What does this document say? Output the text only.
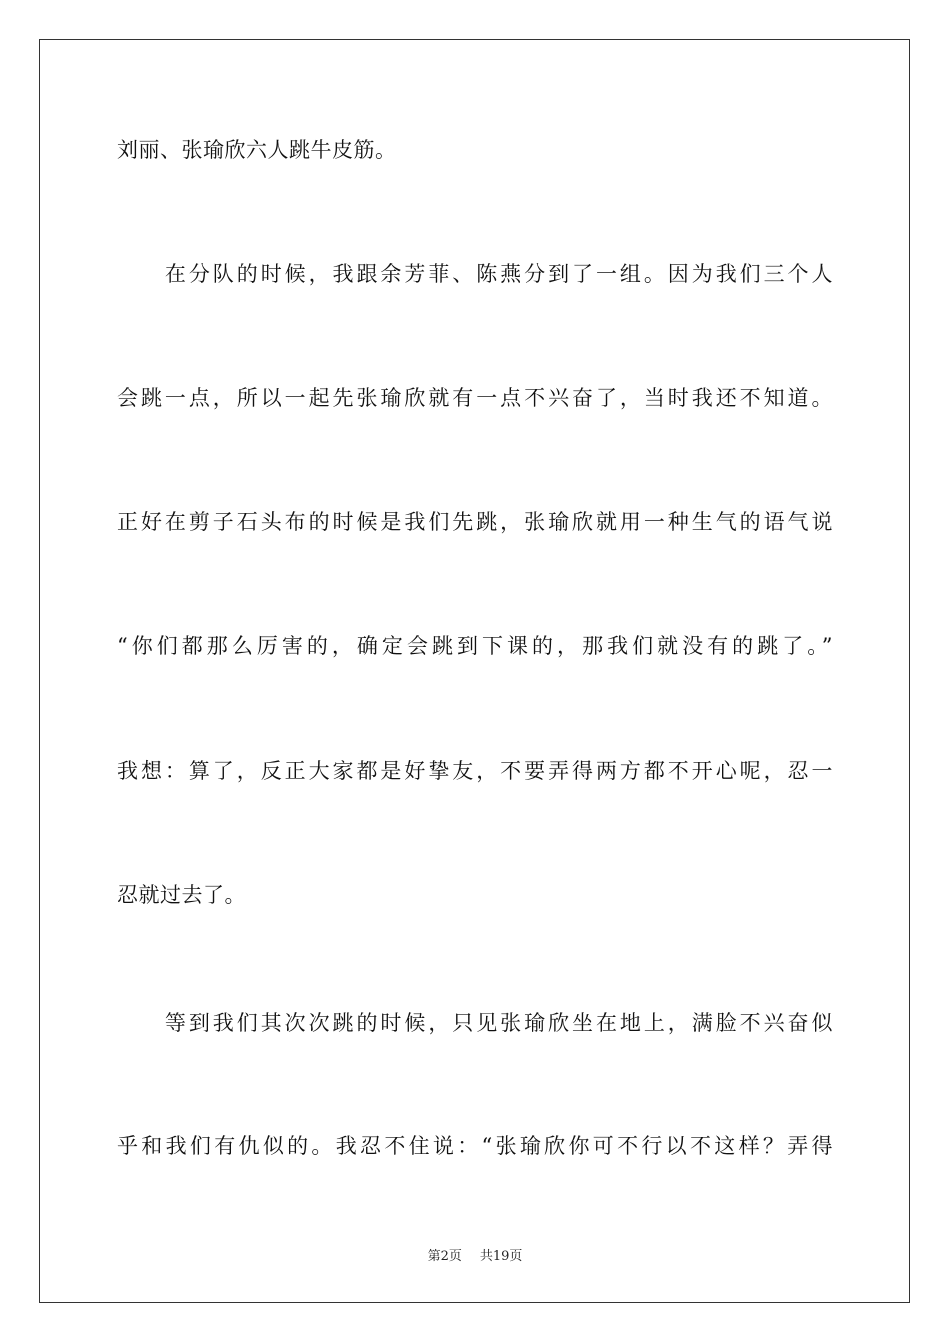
刘丽、张瑜欣六人跳牛皮筋。
　　在分队的时候，我跟余芳菲、陈燕分到了一组。因为我们三个人
会跳一点，所以一起先张瑜欣就有一点不兴奋了，当时我还不知道。
正好在剪子石头布的时候是我们先跳，张瑜欣就用一种生气的语气说
“你们都那么厉害的，确定会跳到下课的，那我们就没有的跳了。”
我想：算了，反正大家都是好挚友，不要弄得两方都不开心呢，忍一
忍就过去了。
　　等到我们其次次跳的时候，只见张瑜欣坐在地上，满脸不兴奋似
乎和我们有仇似的。我忍不住说：“张瑜欣你可不行以不这样？弄得
第2页 共19页
